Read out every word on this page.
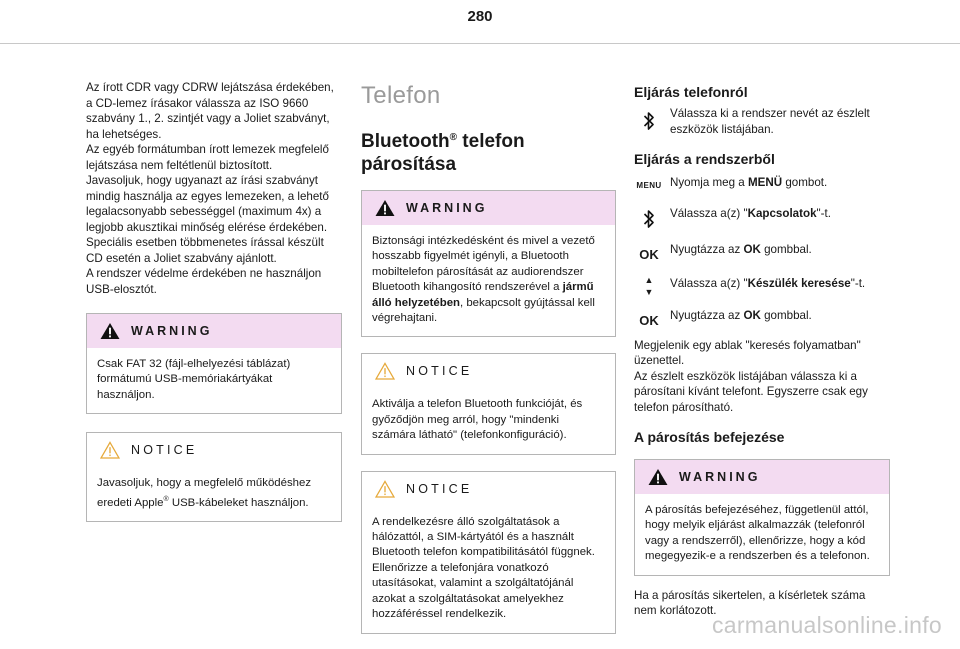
280

Az írott CDR vagy CDRW lejátszása érdekében, a CD-lemez írásakor válassza az ISO 9660 szabvány 1., 2. szintjét vagy a Joliet szabványt, ha lehetséges.

Az egyéb formátumban írott lemezek megfelelő lejátszása nem feltétlenül biztosított.

Javasoljuk, hogy ugyanazt az írási szabványt mindig használja az egyes lemezeken, a lehető legalacsonyabb sebességgel (maximum 4x) a legjobb akusztikai minőség elérése érdekében.

Speciális esetben többmenetes írással készült CD esetén a Joliet szabvány ajánlott.

A rendszer védelme érdekében ne használjon USB-elosztót.

WARNING

Csak FAT 32 (fájl-elhelyezési táblázat) formátumú USB-memóriakártyákat használjon.

NOTICE

Javasoljuk, hogy a megfelelő működéshez eredeti Apple® USB-kábeleket használjon.

Telefon
Bluetooth® telefon párosítása
WARNING

Biztonsági intézkedésként és mivel a vezető hosszabb figyelmét igényli, a Bluetooth mobiltelefon párosítását az audiorendszer Bluetooth kihangosító rendszerével a jármű álló helyzetében, bekapcsolt gyújtással kell végrehajtani.

NOTICE

Aktiválja a telefon Bluetooth funkcióját, és győződjön meg arról, hogy "mindenki számára látható" (telefonkonfiguráció).

NOTICE

A rendelkezésre álló szolgáltatások a hálózattól, a SIM-kártyától és a használt Bluetooth telefon kompatibilitásától függnek. Ellenőrizze a telefonjára vonatkozó utasításokat, valamint a szolgáltatójánál azokat a szolgáltatásokat amelyekhez hozzáféréssel rendelkezik.

Eljárás telefonról

Válassza ki a rendszer nevét az észlelt eszközök listájában.

Eljárás a rendszerből
MENU Nyomja meg a MENÜ gombot.

Válassza a(z) "Kapcsolatok"-t.

OK Nyugtázza az OK gombbal.

▲
▼

Válassza a(z) "Készülék keresése"-t.

OK Nyugtázza az OK gombbal.

Megjelenik egy ablak "keresés folyamatban" üzenettel.

Az észlelt eszközök listájában válassza ki a párosítani kívánt telefont. Egyszerre csak egy telefon párosítható.

A párosítás befejezése
WARNING

A párosítás befejezéséhez, függetlenül attól, hogy melyik eljárást alkalmazzák (telefonról vagy a rendszerről), ellenőrizze, hogy a kód megegyezik-e a rendszerben és a telefonon.

Ha a párosítás sikertelen, a kísérletek száma nem korlátozott.

carmanualsonline.info
